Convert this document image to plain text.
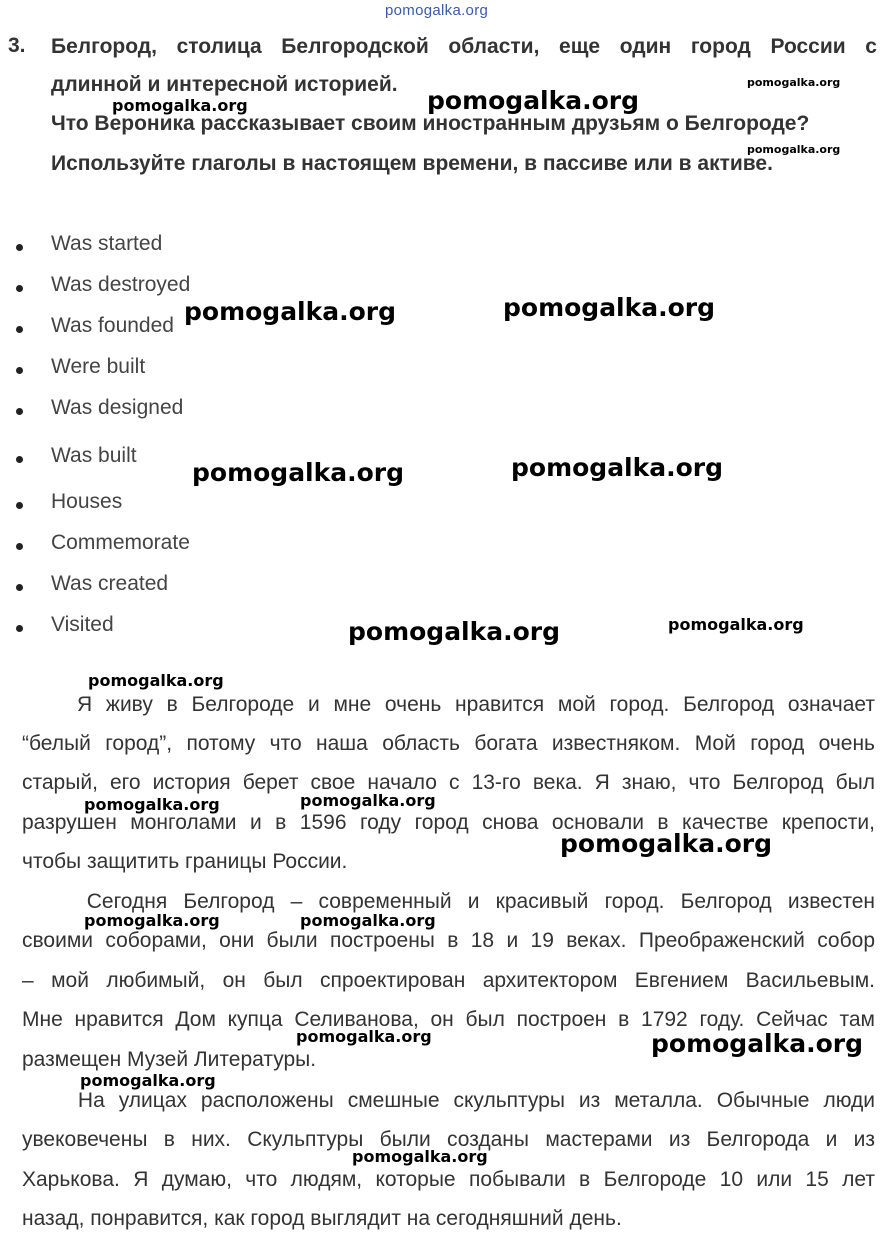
pomogalka.org
3. Белгород, столица Белгородской области, еще один город России с
длинной и интересной историей.
Что Вероника рассказывает своим иностранным друзьям о Белгороде?
Используйте глаголы в настоящем времени, в пассиве или в активе.
Was started
Was destroyed
Was founded
Were built
Was designed
Was built
Houses
Commemorate
Was created
Visited
Я живу в Белгороде и мне очень нравится мой город. Белгород означает
“белый город”, потому что наша область богата известняком. Мой город очень
старый, его история берет свое начало с 13-го века. Я знаю, что Белгород был
разрушен монголами и в 1596 году город снова основали в качестве крепости,
чтобы защитить границы России.
Сегодня Белгород – современный и красивый город. Белгород известен
своими соборами, они были построены в 18 и 19 веках. Преображенский собор
– мой любимый, он был спроектирован архитектором Евгением Васильевым.
Мне нравится Дом купца Селиванова, он был построен в 1792 году. Сейчас там
размещен Музей Литературы.
На улицах расположены смешные скульптуры из металла. Обычные люди
увековечены в них. Скульптуры были созданы мастерами из Белгорода и из
Харькова. Я думаю, что людям, которые побывали в Белгороде 10 или 15 лет
назад, понравится, как город выглядит на сегодняшний день.
pomogalka.org
pomogalka.org
pomogalka.org
pomogalka.org
pomogalka.org	pomogalka.org
pomogalka.org	pomogalka.org
pomogalka.org	pomogalka.org
pomogalka.org
pomogalka.org	pomogalka.org
pomogalka.org
pomogalka.org	pomogalka.org
pomogalka.org	pomogalka.org
pomogalka.org
pomogalka.org
